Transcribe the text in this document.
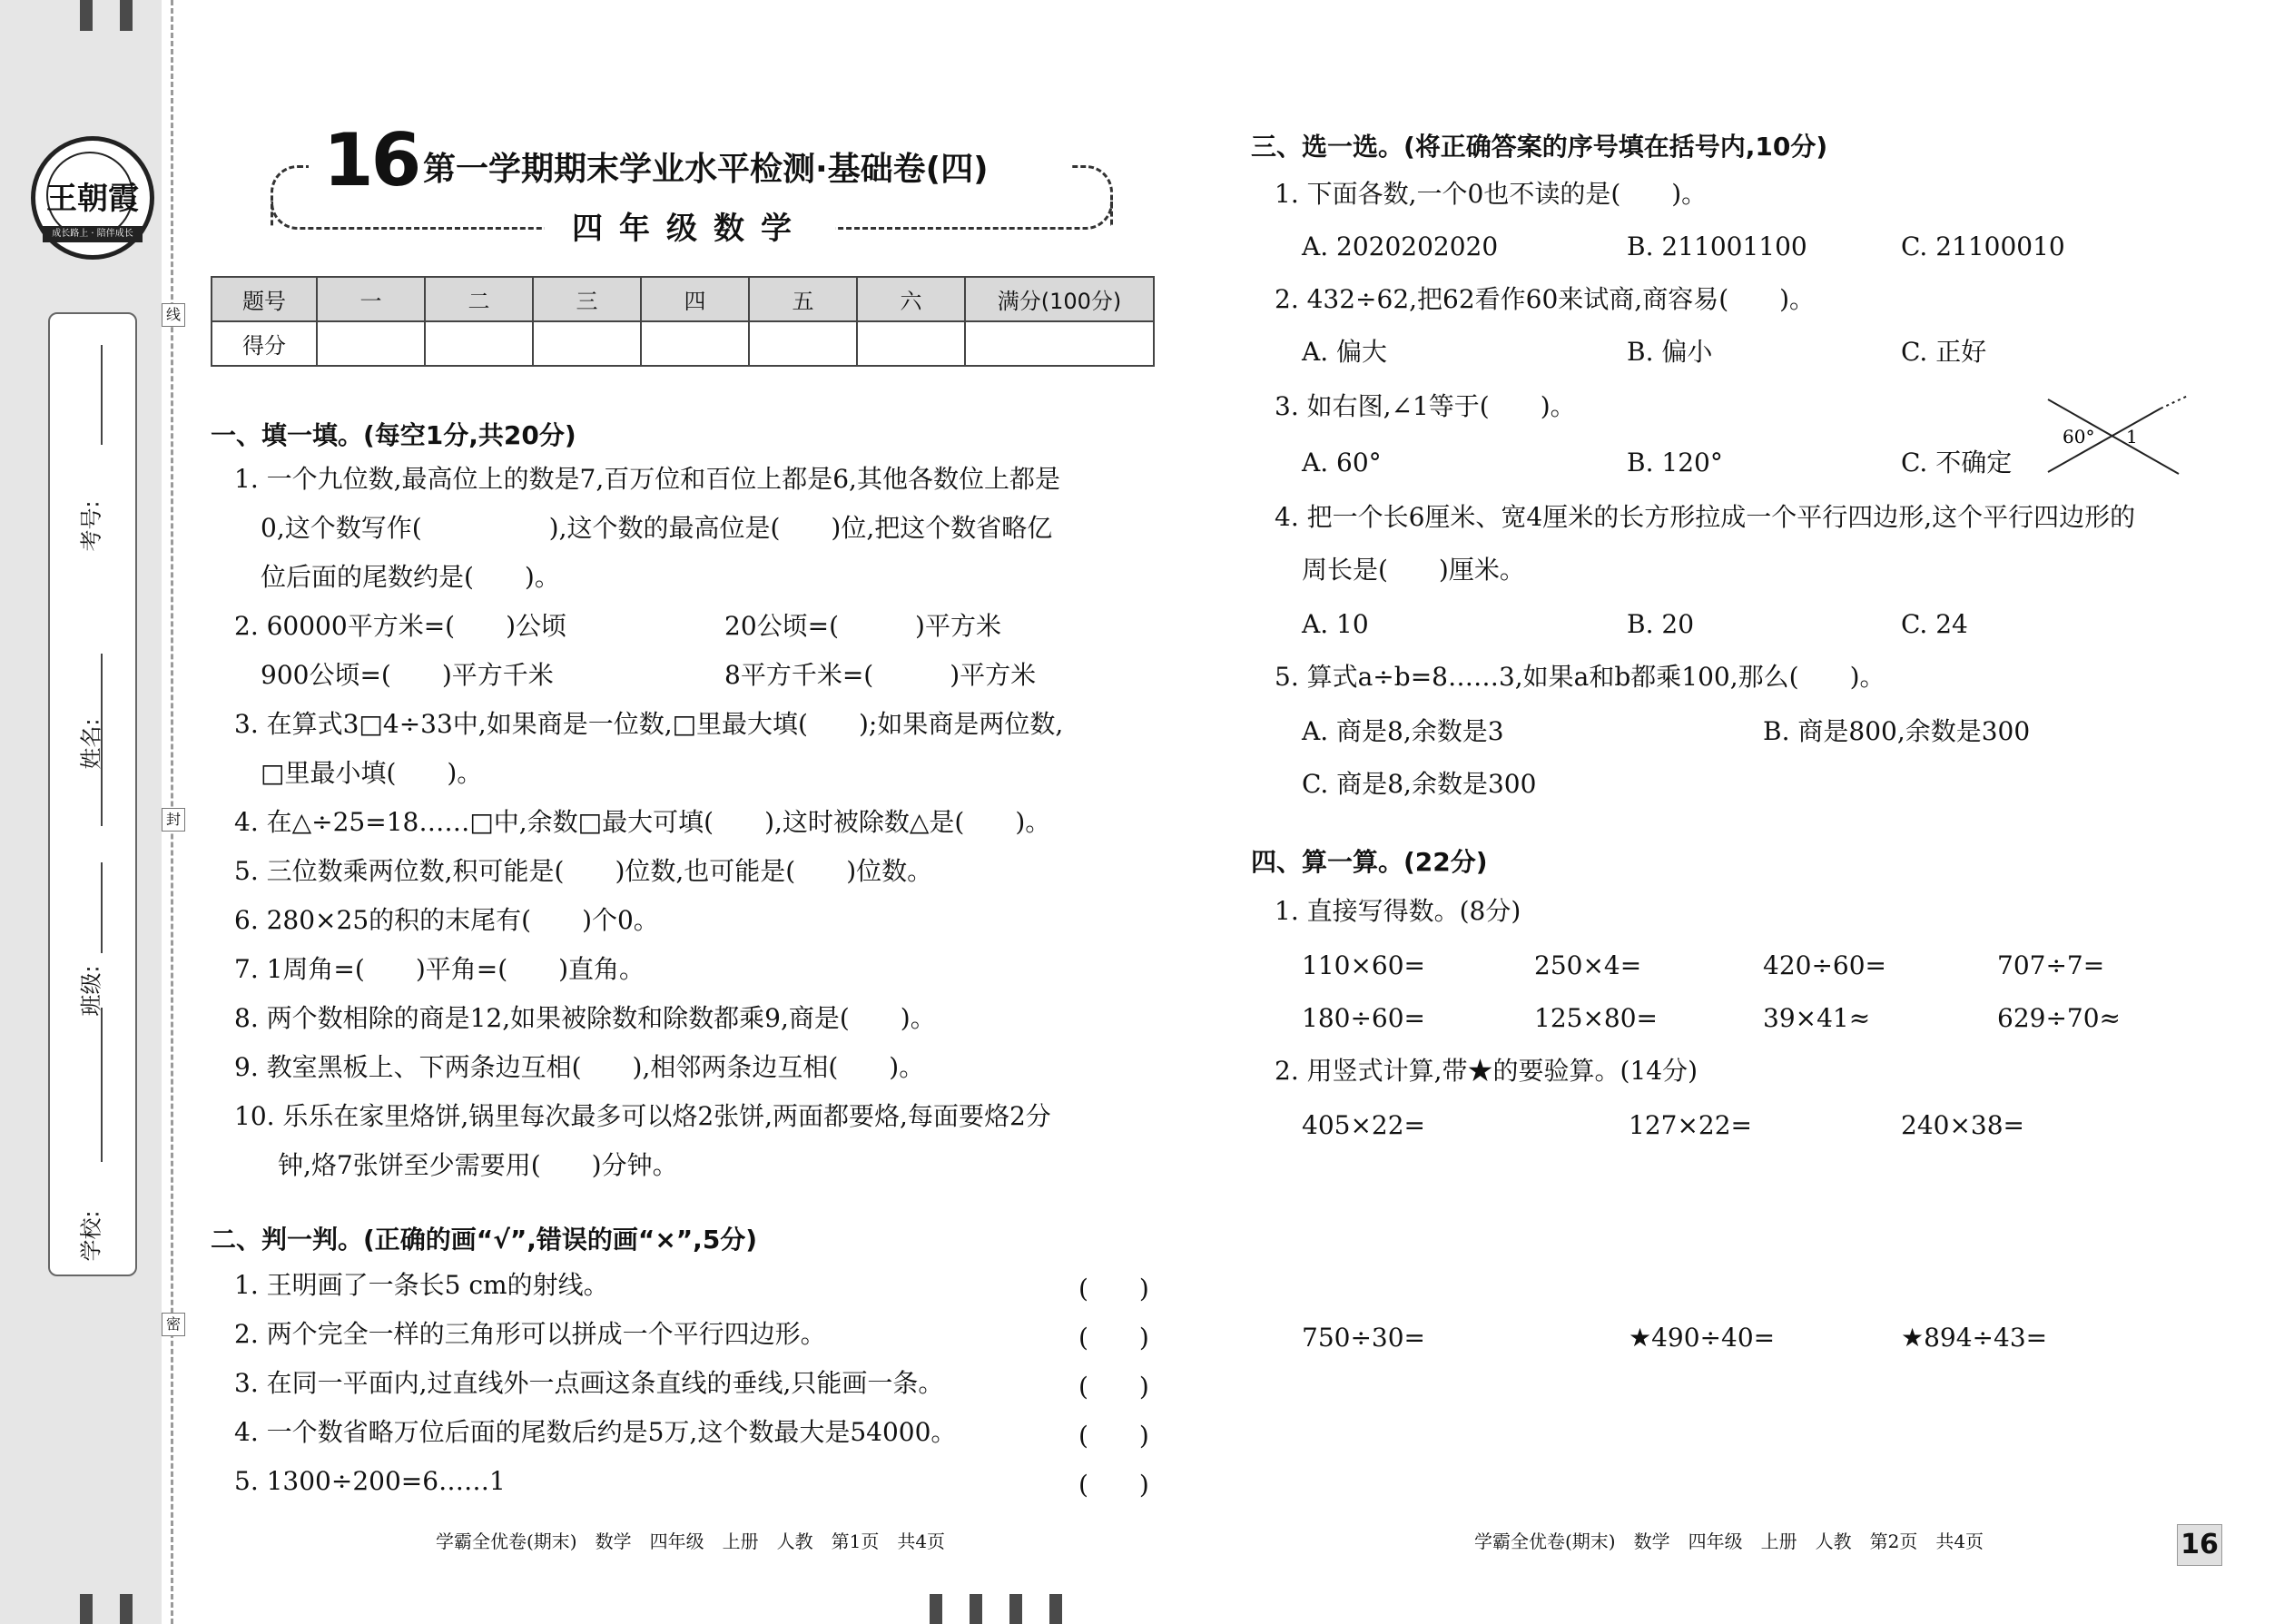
王朝霞
成长路上 · 陪伴成长
考号:
姓名:
班级:
学校:
线
封
密
16 第一学期期末学业水平检测·基础卷(四)
四年级数学
题号	一	二	三	四	五	六	满分(100分)
得分							
一、填一填。(每空1分,共20分)
1. 一个九位数,最高位上的数是7,百万位和百位上都是6,其他各数位上都是
0,这个数写作(　　　　　),这个数的最高位是(　　)位,把这个数省略亿
位后面的尾数约是(　　)。
2. 60000平方米=(　　)公顷	20公顷=(　　　)平方米
900公顷=(　　)平方千米	8平方千米=(　　　)平方米
3. 在算式3□4÷33中,如果商是一位数,□里最大填(　　);如果商是两位数,
□里最小填(　　)。
4. 在△÷25=18……□中,余数□最大可填(　　),这时被除数△是(　　)。
5. 三位数乘两位数,积可能是(　　)位数,也可能是(　　)位数。
6. 280×25的积的末尾有(　　)个0。
7. 1周角=(　　)平角=(　　)直角。
8. 两个数相除的商是12,如果被除数和除数都乘9,商是(　　)。
9. 教室黑板上、下两条边互相(　　),相邻两条边互相(　　)。
10. 乐乐在家里烙饼,锅里每次最多可以烙2张饼,两面都要烙,每面要烙2分
钟,烙7张饼至少需要用(　　)分钟。
二、判一判。(正确的画“√”,错误的画“×”,5分)
1. 王明画了一条长5 cm的射线。	(　　)
2. 两个完全一样的三角形可以拼成一个平行四边形。	(　　)
3. 在同一平面内,过直线外一点画这条直线的垂线,只能画一条。	(　　)
4. 一个数省略万位后面的尾数后约是5万,这个数最大是54000。	(　　)
5. 1300÷200=6……1	(　　)
学霸全优卷(期末)　数学　四年级　上册　人教　第1页　共4页
三、选一选。(将正确答案的序号填在括号内,10分)
1. 下面各数,一个0也不读的是(　　)。
A. 2020202020	B. 211001100	C. 21100010
2. 432÷62,把62看作60来试商,商容易(　　)。
A. 偏大	B. 偏小	C. 正好
3. 如右图,∠1等于(　　)。
A. 60°	B. 120°	C. 不确定
60° 1
4. 把一个长6厘米、宽4厘米的长方形拉成一个平行四边形,这个平行四边形的
周长是(　　)厘米。
A. 10	B. 20	C. 24
5. 算式a÷b=8……3,如果a和b都乘100,那么(　　)。
A. 商是8,余数是3	B. 商是800,余数是300
C. 商是8,余数是300
四、算一算。(22分)
1. 直接写得数。(8分)
110×60=	250×4=	420÷60=	707÷7=
180÷60=	125×80=	39×41≈	629÷70≈
2. 用竖式计算,带★的要验算。(14分)
405×22=	127×22=	240×38=
750÷30=	★490÷40=	★894÷43=
学霸全优卷(期末)　数学　四年级　上册　人教　第2页　共4页	16
